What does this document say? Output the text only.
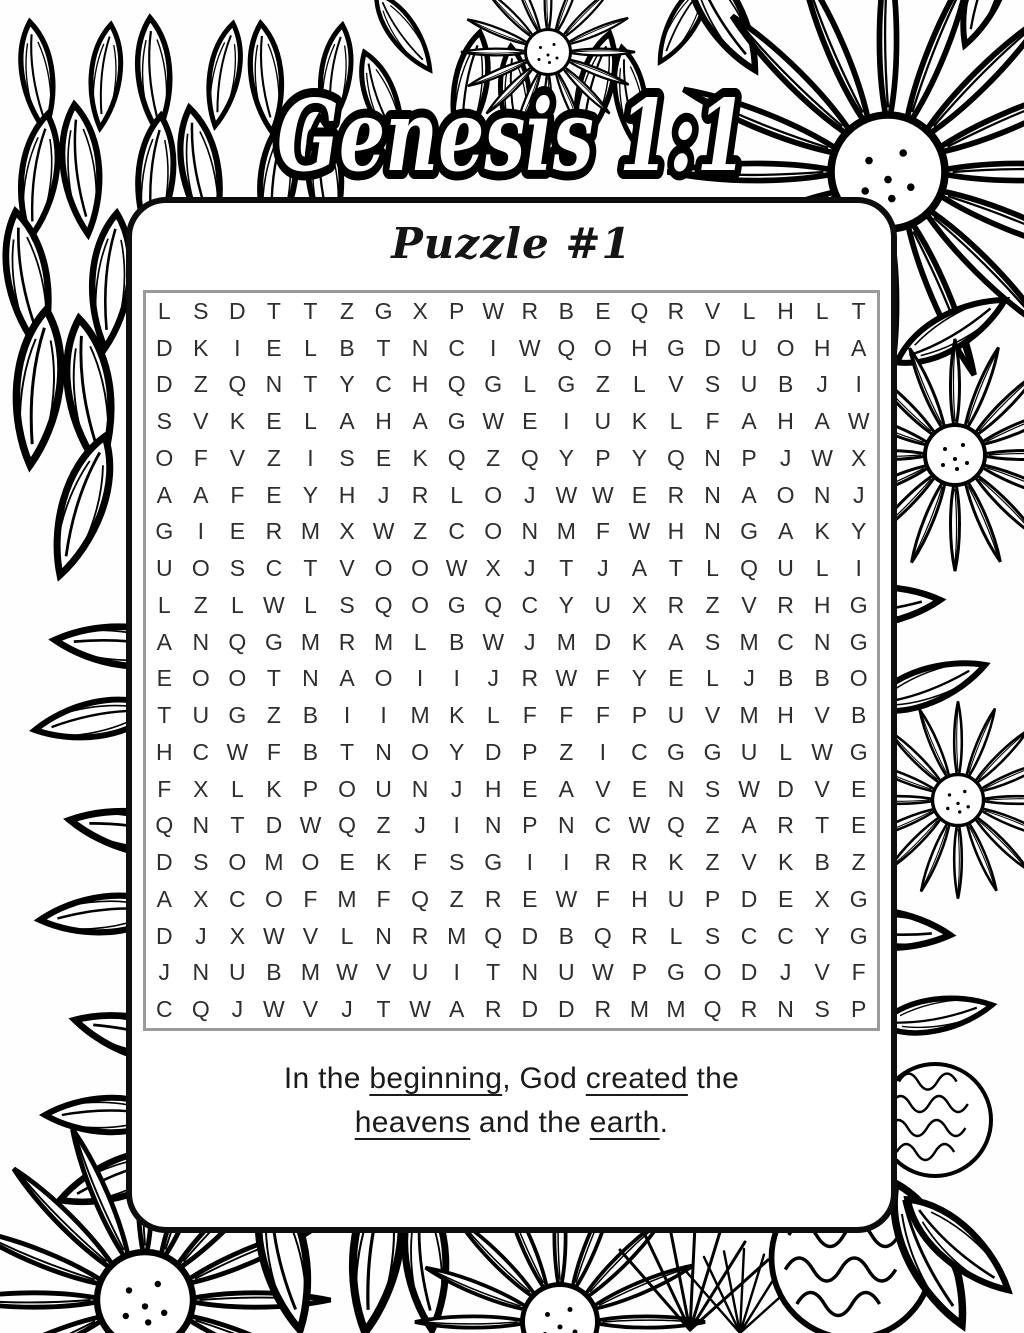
Genesis 1:1
Puzzle #1
L S D T T Z G X P W R B E Q R V L H L	T
D K	I	E L B T N C	I W Q O H G D U O H A
D Z Q N T Y C H Q G L G Z	L V S U B	J	I
S V K E L A H A G W E	I	U K L	F A H A W
O F V Z	I	S E K Q Z Q Y P Y Q N P	J W X
A A F E Y H J R L O J W W E R N A O N J
G	I	E R M X W Z C O N M F W H N G A K Y
U O S C T V O O W X	J	T	J	A T	L Q U L	I
L	Z	L W L S Q O G Q C Y U X R Z V R H G
A N Q G M R M L B W J M D K A S M C N G
E O O T N A O	I	I	J R W F Y E L	J	B B O
T U G Z B	I	I	M K L	F F F P U V M H V B
H C W F B T N O Y D P Z	I	C G G U L W G
F X L K P O U N J H E A V E N S W D V E
Q N T D W Q Z	J	I	N P N C W Q Z A R T E
D S O M O E K F S G	I	I	R R K Z V K B Z
A X C O F M F Q Z R E W F H U P D E X G
D J	X W V L N R M Q D B Q R L S C C Y G
J N U B M W V U	I	T N U W P G O D J	V F
C Q J W V	J	T W A R D D R M M Q R N S P
In the beginning, God created the
heavens and the earth.
